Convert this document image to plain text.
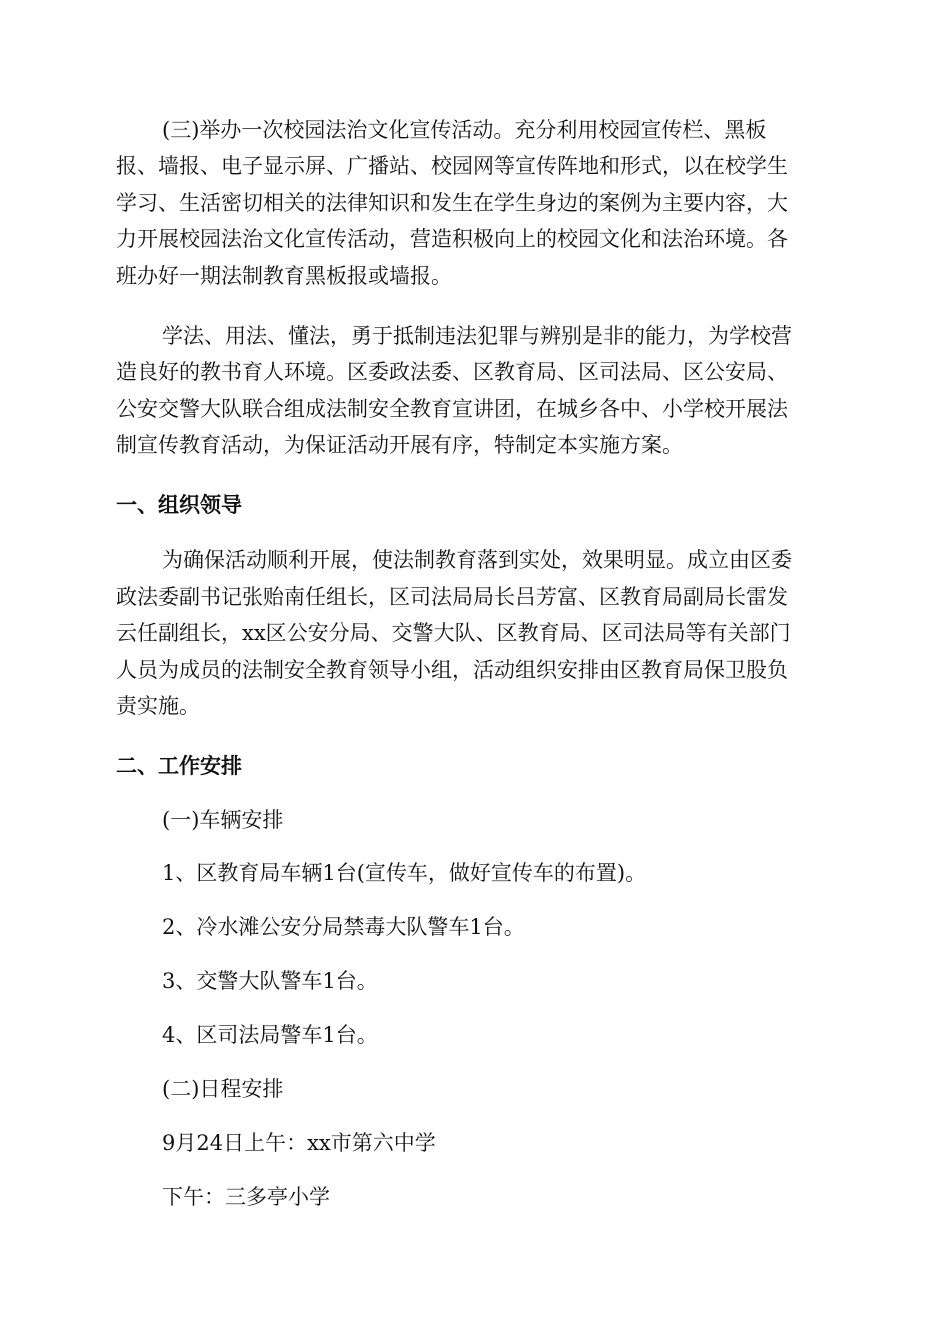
(三)举办一次校园法治文化宣传活动。充分利用校园宣传栏、黑板
报、墙报、电子显示屏、广播站、校园网等宣传阵地和形式，以在校学生
学习、生活密切相关的法律知识和发生在学生身边的案例为主要内容，大
力开展校园法治文化宣传活动，营造积极向上的校园文化和法治环境。各
班办好一期法制教育黑板报或墙报。
学法、用法、懂法，勇于抵制违法犯罪与辨别是非的能力，为学校营
造良好的教书育人环境。区委政法委、区教育局、区司法局、区公安局、
公安交警大队联合组成法制安全教育宣讲团，在城乡各中、小学校开展法
制宣传教育活动，为保证活动开展有序，特制定本实施方案。
一、组织领导
为确保活动顺利开展，使法制教育落到实处，效果明显。成立由区委
政法委副书记张贻南任组长，区司法局局长吕芳富、区教育局副局长雷发
云任副组长，xx区公安分局、交警大队、区教育局、区司法局等有关部门
人员为成员的法制安全教育领导小组，活动组织安排由区教育局保卫股负
责实施。
二、工作安排
(一)车辆安排
1、区教育局车辆1台(宣传车，做好宣传车的布置)。
2、冷水滩公安分局禁毒大队警车1台。
3、交警大队警车1台。
4、区司法局警车1台。
(二)日程安排
9月24日上午：xx市第六中学
下午：三多亭小学
